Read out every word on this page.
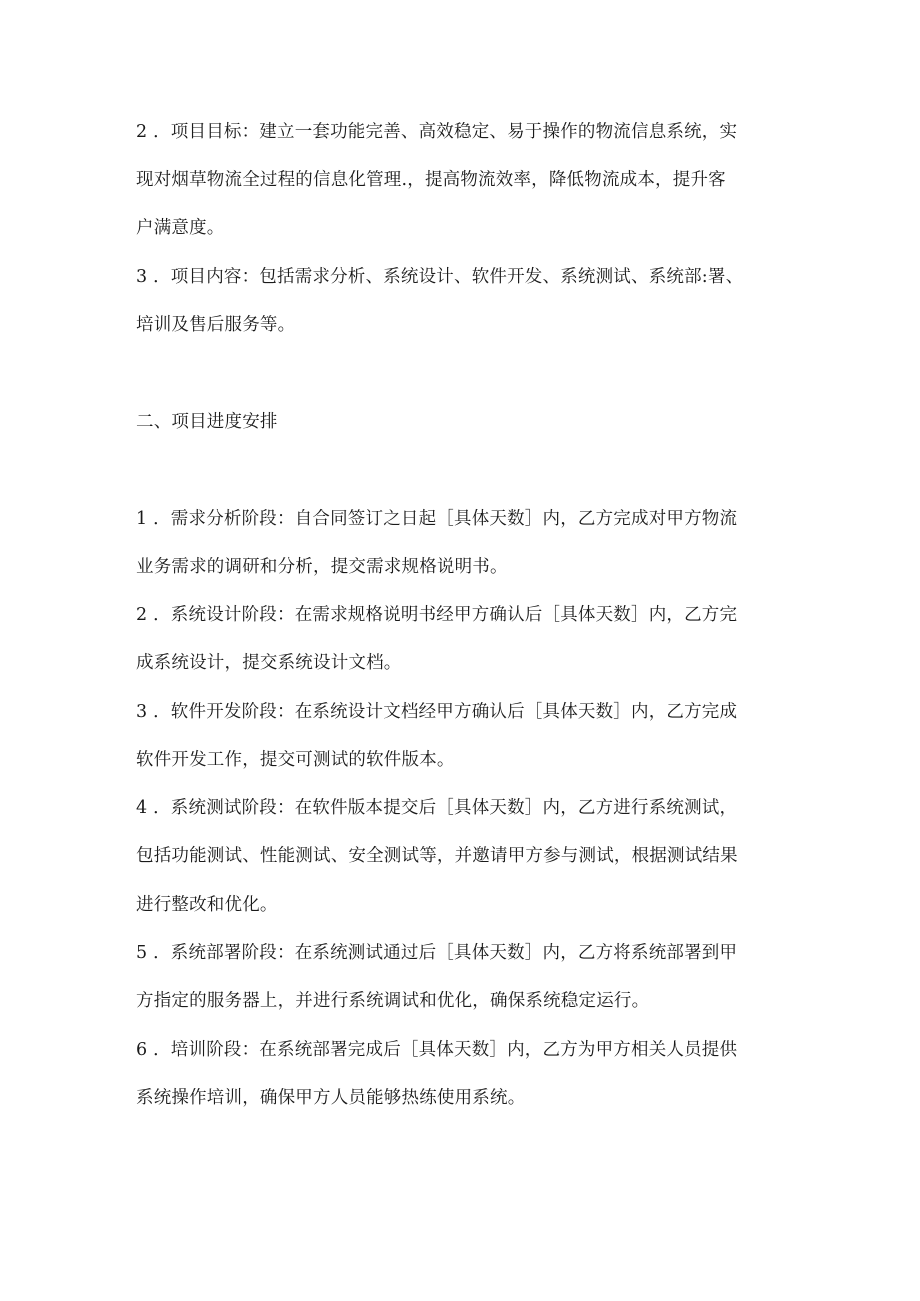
2 ．项目目标：建立一套功能完善、高效稳定、易于操作的物流信息系统，实
现对烟草物流全过程的信息化管理.，提高物流效率，降低物流成本，提升客
户满意度。
3 ．项目内容：包括需求分析、系统设计、软件开发、系统测试、系统部:署、
培训及售后服务等。
二、项目进度安排
1 ．需求分析阶段：自合同签订之日起［具体天数］内，乙方完成对甲方物流
业务需求的调研和分析，提交需求规格说明书。
2 ．系统设计阶段：在需求规格说明书经甲方确认后［具体天数］内，乙方完
成系统设计，提交系统设计文档。
3 ．软件开发阶段：在系统设计文档经甲方确认后［具体天数］内，乙方完成
软件开发工作，提交可测试的软件版本。
4 ．系统测试阶段：在软件版本提交后［具体天数］内，乙方进行系统测试，
包括功能测试、性能测试、安全测试等，并邀请甲方参与测试，根据测试结果
进行整改和优化。
5 ．系统部署阶段：在系统测试通过后［具体天数］内，乙方将系统部署到甲
方指定的服务器上，并进行系统调试和优化，确保系统稳定运行。
6 ．培训阶段：在系统部署完成后［具体天数］内，乙方为甲方相关人员提供
系统操作培训，确保甲方人员能够热练使用系统。
